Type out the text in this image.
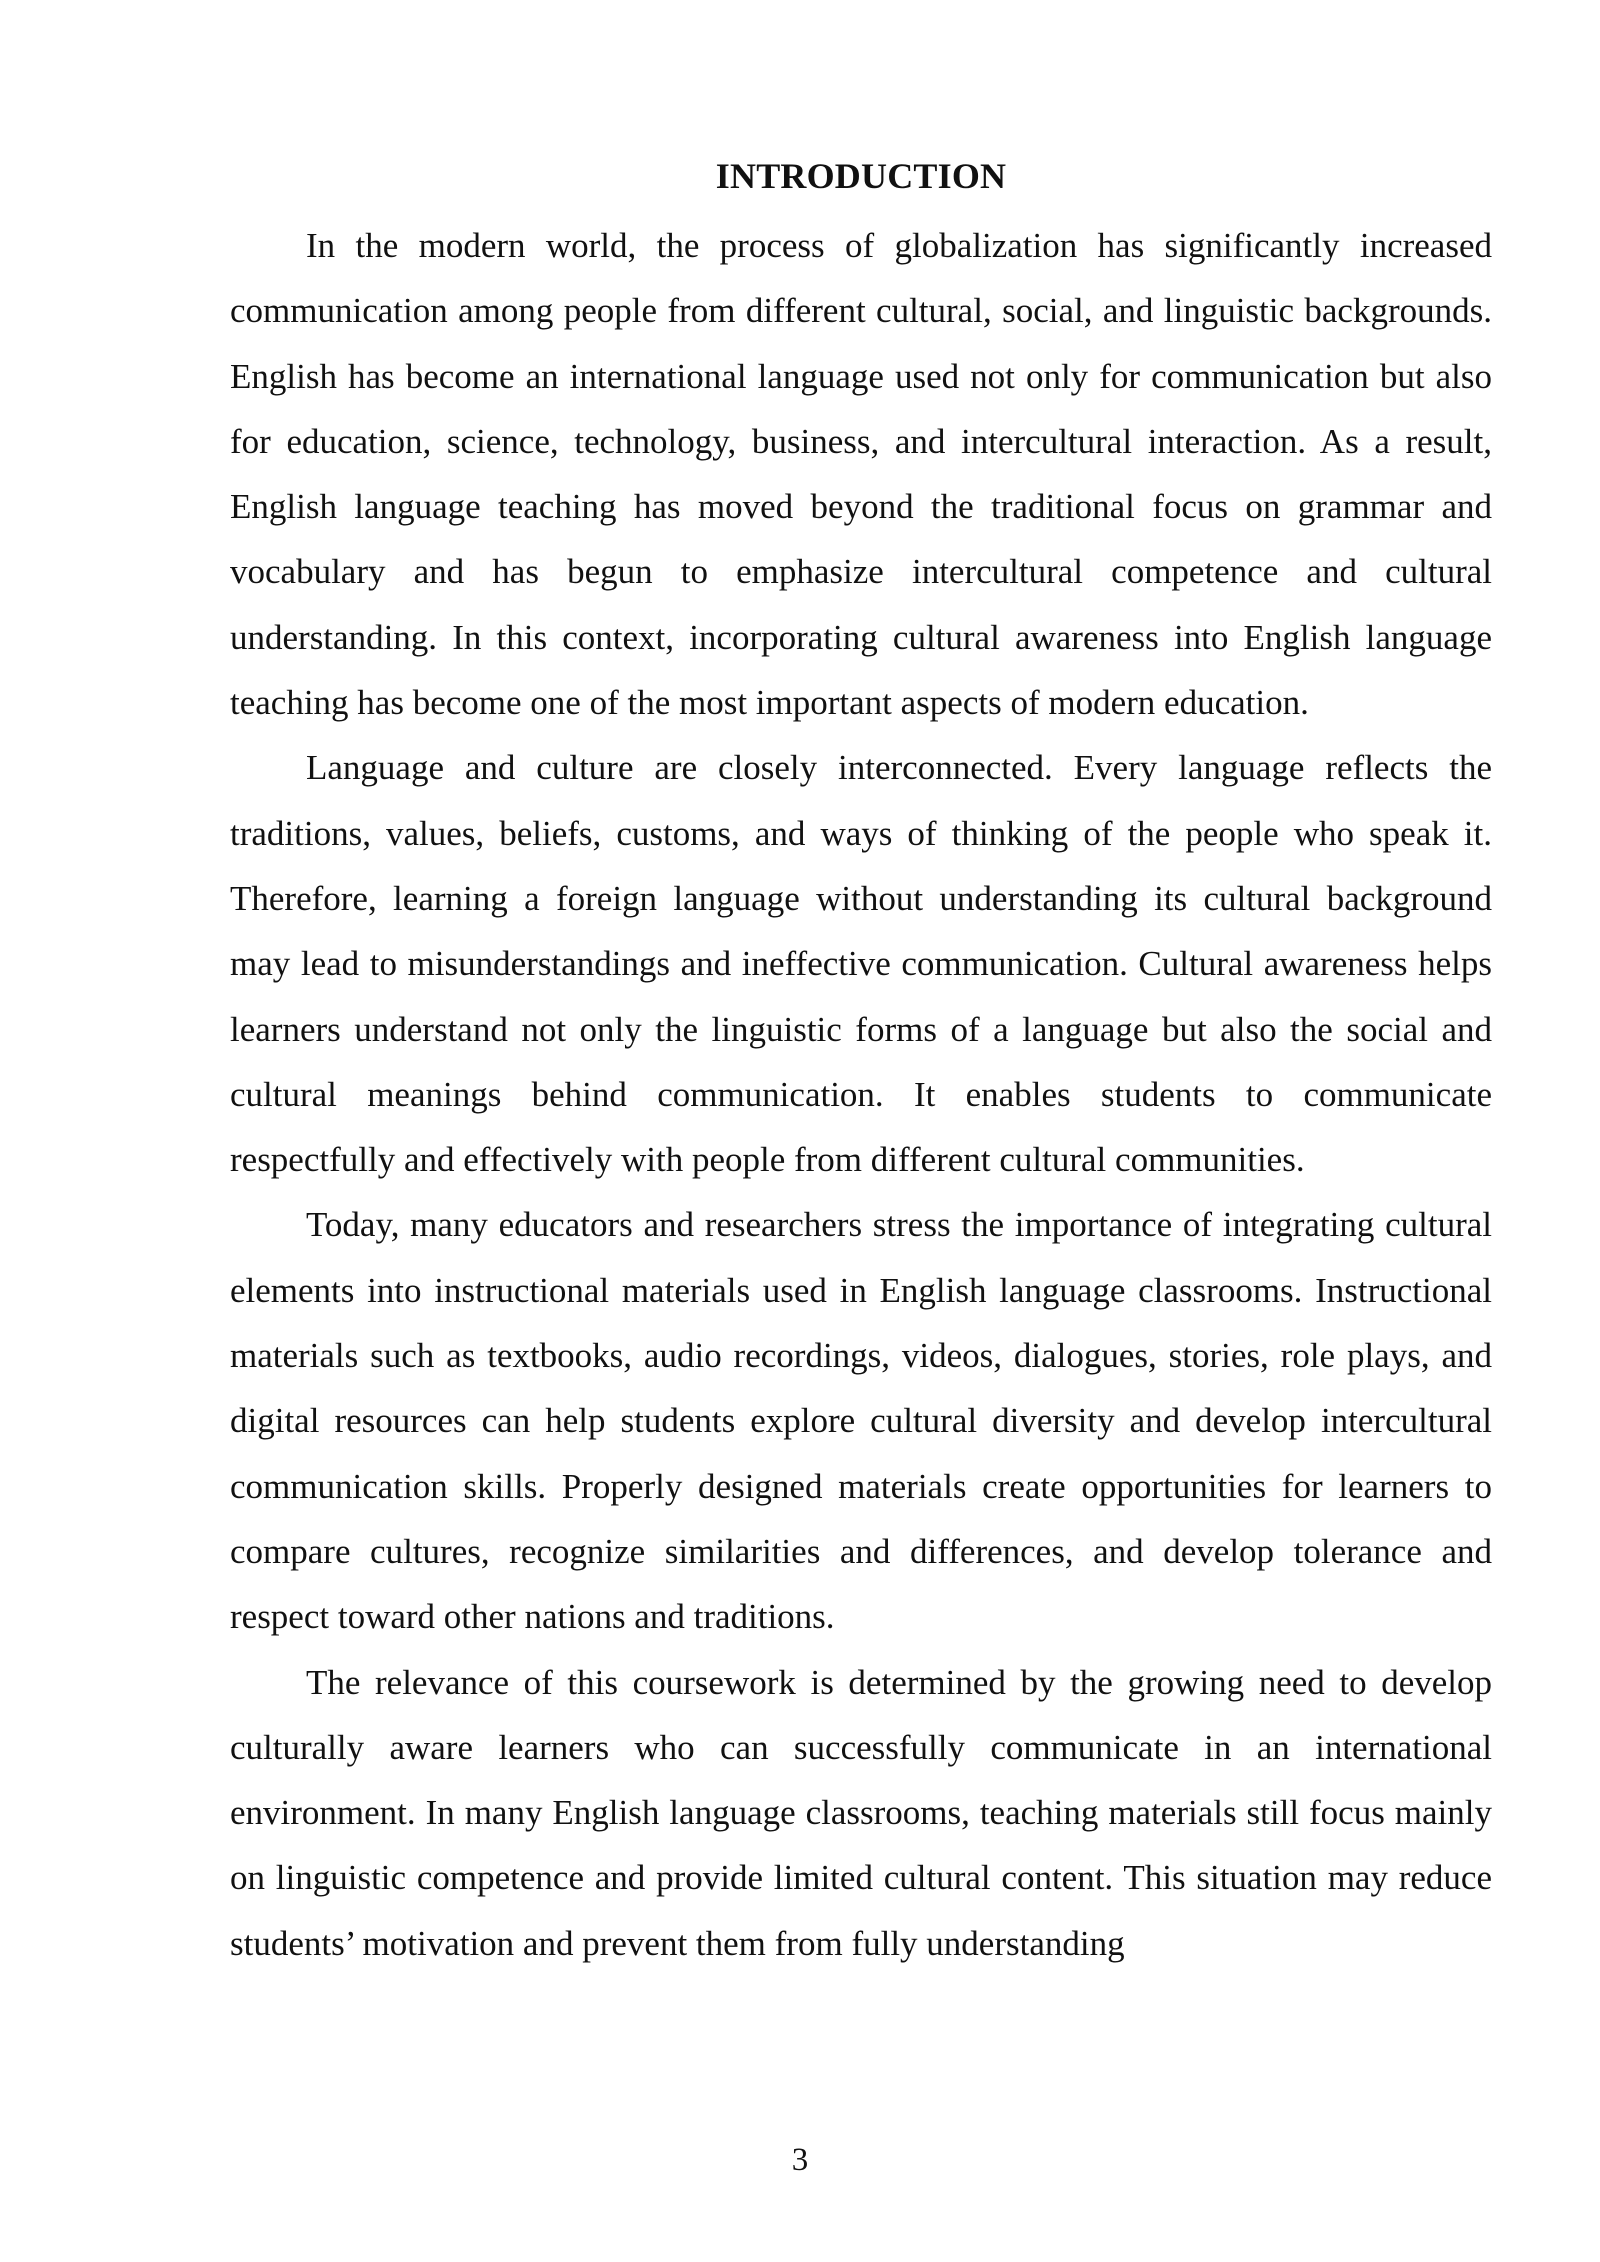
INTRODUCTION

In the modern world, the process of globalization has significantly increased communication among people from different cultural, social, and linguistic backgrounds. English has become an international language used not only for communication but also for education, science, technology, business, and intercultural interaction. As a result, English language teaching has moved beyond the traditional focus on grammar and vocabulary and has begun to emphasize intercultural competence and cultural understanding. In this context, incorporating cultural awareness into English language teaching has become one of the most important aspects of modern education.

Language and culture are closely interconnected. Every language reflects the traditions, values, beliefs, customs, and ways of thinking of the people who speak it. Therefore, learning a foreign language without understanding its cultural background may lead to misunderstandings and ineffective communication. Cultural awareness helps learners understand not only the linguistic forms of a language but also the social and cultural meanings behind communication. It enables students to communicate respectfully and effectively with people from different cultural communities.

Today, many educators and researchers stress the importance of integrating cultural elements into instructional materials used in English language classrooms. Instructional materials such as textbooks, audio recordings, videos, dialogues, stories, role plays, and digital resources can help students explore cultural diversity and develop intercultural communication skills. Properly designed materials create opportunities for learners to compare cultures, recognize similarities and differences, and develop tolerance and respect toward other nations and traditions.

The relevance of this coursework is determined by the growing need to develop culturally aware learners who can successfully communicate in an international environment. In many English language classrooms, teaching materials still focus mainly on linguistic competence and provide limited cultural content. This situation may reduce students’ motivation and prevent them from fully understanding

3
